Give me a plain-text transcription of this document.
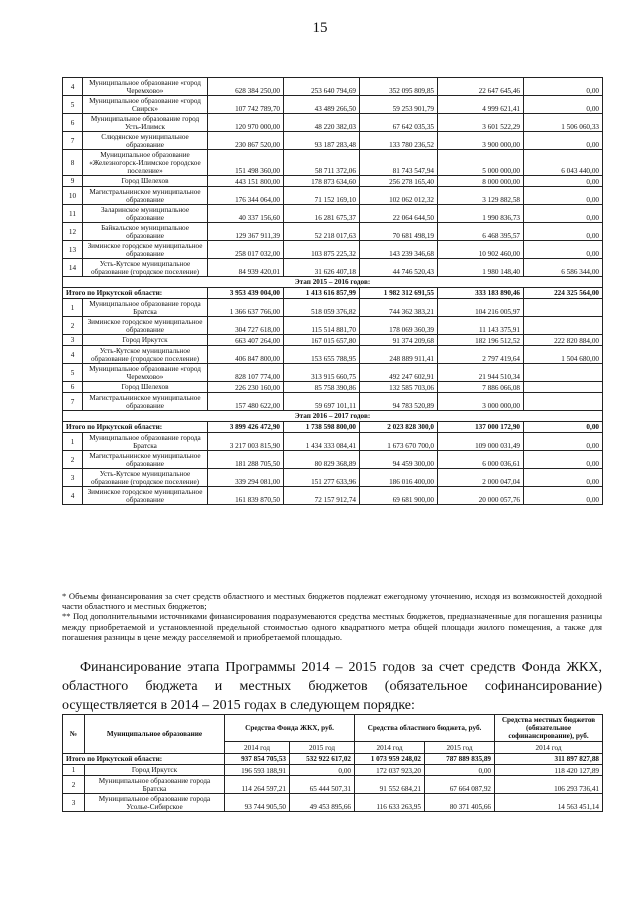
15
4	Муниципальное образование «город Черемхово»	628 384 250,00	253 640 794,69	352 095 809,85	22 647 645,46	0,00
5	Муниципальное образование «город Свирск»	107 742 789,70	43 489 266,50	59 253 901,79	4 999 621,41	0,00
6	Муниципальное образование город Усть-Илимск	120 970 000,00	48 220 382,03	67 642 035,35	3 601 522,29	1 506 060,33
7	Слюдянское муниципальное образование	230 867 520,00	93 187 283,48	133 780 236,52	3 900 000,00	0,00
8	Муниципальное образование «Железногорск-Илимское городское поселение»	151 498 360,00	58 711 372,06	81 743 547,94	5 000 000,00	6 043 440,00
9	Город Шелехов	443 151 800,00	178 873 634,60	256 278 165,40	8 000 000,00	0,00
10	Магистральнинское муниципальное образование	176 344 064,00	71 152 169,10	102 062 012,32	3 129 882,58	0,00
11	Залаpинское муниципальное образование	40 337 156,60	16 281 675,37	22 064 644,50	1 990 836,73	0,00
12	Байкальское муниципальное образование	129 367 911,39	52 218 017,63	70 681 498,19	6 468 395,57	0,00
13	Зиминское городское муниципальное образование	258 017 032,00	103 875 225,32	143 239 346,68	10 902 460,00	0,00
14	Усть-Кутское муниципальное образование (городское поселение)	84 939 420,01	31 626 407,18	44 746 520,43	1 980 148,40	6 586 344,00
Этап 2015 – 2016 годов:						
Итого по Иркутской области:		3 953 439 004,00	1 413 616 857,99	1 982 312 691,55	333 183 890,46	224 325 564,00
1	Муниципальное образование города Братска	1 366 637 766,00	518 059 376,82	744 362 383,21	104 216 005,97	
2	Зиминское городское муниципальное образование	304 727 618,00	115 514 881,70	178 069 360,39	11 143 375,91	
3	Город Иркутск	663 407 264,00	167 015 657,80	91 374 209,68	182 196 512,52	222 820 884,00
4	Усть-Кутское муниципальное образование (городское поселение)	406 847 800,00	153 655 788,95	248 889 911,41	2 797 419,64	1 504 680,00
5	Муниципальное образование «город Черемхово»	828 107 774,00	313 915 660,75	492 247 602,91	21 944 510,34	
6	Город Шелехов	226 230 160,00	85 758 390,86	132 585 703,06	7 886 066,08	
7	Магистральнинское муниципальное образование	157 480 622,00	59 697 101,11	94 783 520,89	3 000 000,00	
Этап 2016 – 2017 годов:						
Итого по Иркутской области:		3 899 426 472,90	1 738 598 800,00	2 023 828 300,0	137 000 172,90	0,00
1	Муниципальное образование города Братска	3 217 003 815,90	1 434 333 084,41	1 673 670 700,0	109 000 031,49	0,00
2	Магистральнинское муниципальное образование	181 288 705,50	80 829 368,89	94 459 300,00	6 000 036,61	0,00
3	Усть-Кутское муниципальное образование (городское поселение)	339 294 081,00	151 277 633,96	186 016 400,00	2 000 047,04	0,00
4	Зиминское городское муниципальное образование	161 839 870,50	72 157 912,74	69 681 900,00	20 000 057,76	0,00

* Объемы финансирования за счет средств областного и местных бюджетов подлежат ежегодному уточнению, исходя из возможностей доходной части областного и местных бюджетов;

** Под дополнительными источниками финансирования подразумеваются средства местных бюджетов, предназначенные для погашения разницы между приобретаемой и установленной предельной стоимостью одного квадратного метра общей площади жилого помещения, а также для погашения разницы в цене между расселяемой и приобретаемой площадью.

Финансирование этапа Программы 2014 – 2015 годов за счет средств Фонда ЖКХ, областного бюджета и местных бюджетов (обязательное софинансирование) осуществляется в 2014 – 2015 годах в следующем порядке:
№	Муниципальное образование	Средства Фонда ЖКХ, руб.		Средства областного бюджета, руб.		Средства местных бюджетов (обязательное софинансирование), руб.
		2014 год	2015 год	2014 год	2015 год	2014 год
Итого по Иркутской области:		937 854 705,53	532 922 617,02	1 073 959 248,02	787 889 835,89	311 897 827,88
1	Город Иркутск	196 593 188,91	0,00	172 037 923,20	0,00	118 420 127,89
2	Муниципальное образование города Братска	114 264 597,21	65 444 507,31	91 552 684,21	67 664 087,92	106 293 736,41
3	Муниципальное образование города Усолье-Сибирское	93 744 905,50	49 453 895,66	116 633 263,95	80 371 405,66	14 563 451,14
